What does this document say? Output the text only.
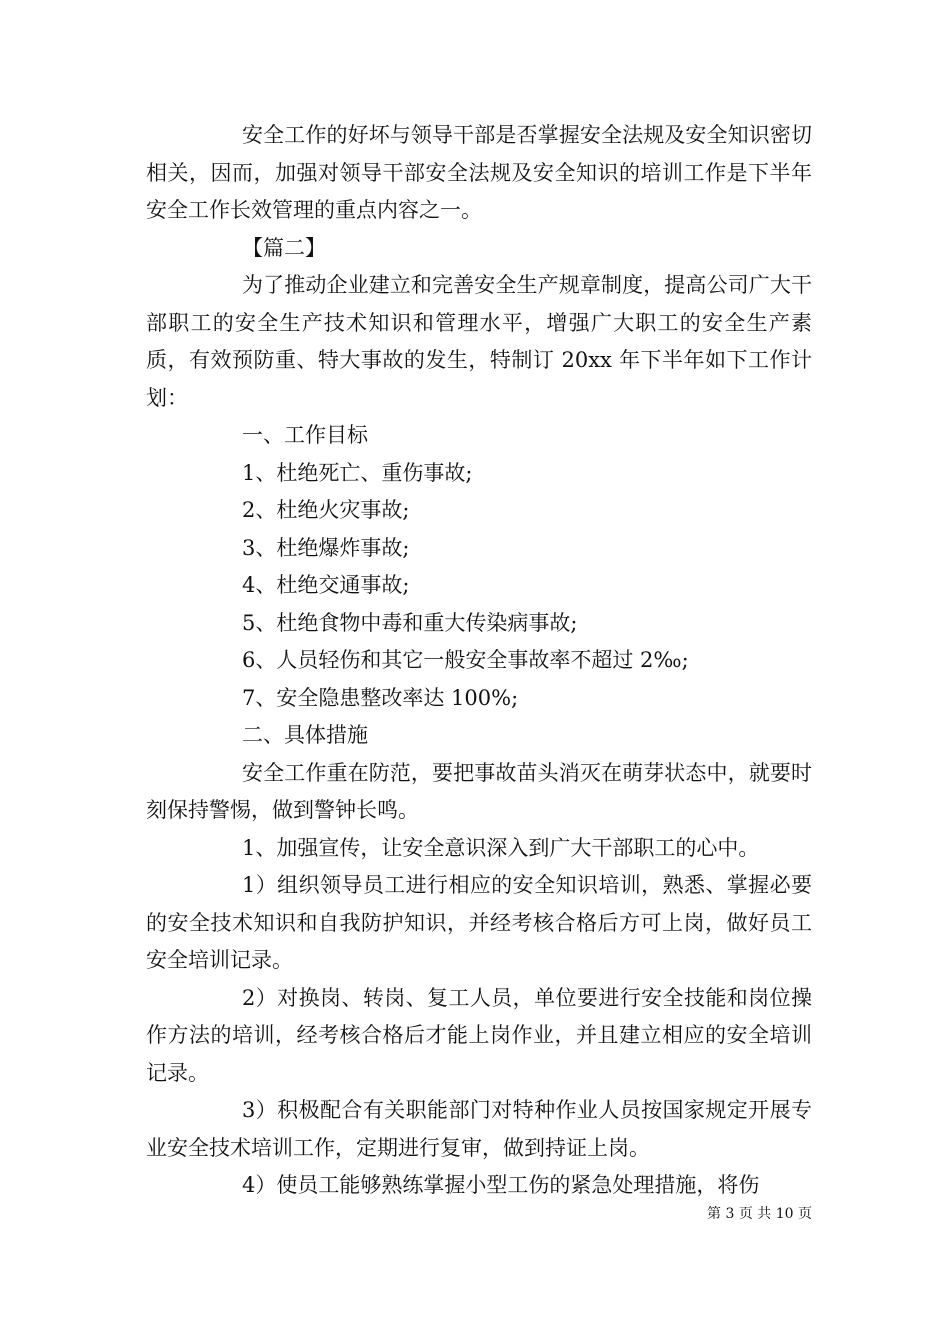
安全工作的好坏与领导干部是否掌握安全法规及安全知识密切相关，因而，加强对领导干部安全法规及安全知识的培训工作是下半年安全工作长效管理的重点内容之一。

【篇二】

为了推动企业建立和完善安全生产规章制度，提高公司广大干部职工的安全生产技术知识和管理水平，增强广大职工的安全生产素质，有效预防重、特大事故的发生，特制订 20xx 年下半年如下工作计划：

一、工作目标

1、杜绝死亡、重伤事故;

2、杜绝火灾事故;

3、杜绝爆炸事故;

4、杜绝交通事故;

5、杜绝食物中毒和重大传染病事故;

6、人员轻伤和其它一般安全事故率不超过 2‰;

7、安全隐患整改率达 100%;

二、具体措施

安全工作重在防范，要把事故苗头消灭在萌芽状态中，就要时刻保持警惕，做到警钟长鸣。

1、加强宣传，让安全意识深入到广大干部职工的心中。

1）组织领导员工进行相应的安全知识培训，熟悉、掌握必要的安全技术知识和自我防护知识，并经考核合格后方可上岗，做好员工安全培训记录。

2）对换岗、转岗、复工人员，单位要进行安全技能和岗位操作方法的培训，经考核合格后才能上岗作业，并且建立相应的安全培训记录。

3）积极配合有关职能部门对特种作业人员按国家规定开展专业安全技术培训工作，定期进行复审，做到持证上岗。

4）使员工能够熟练掌握小型工伤的紧急处理措施，将伤

第 3 页 共 10 页
